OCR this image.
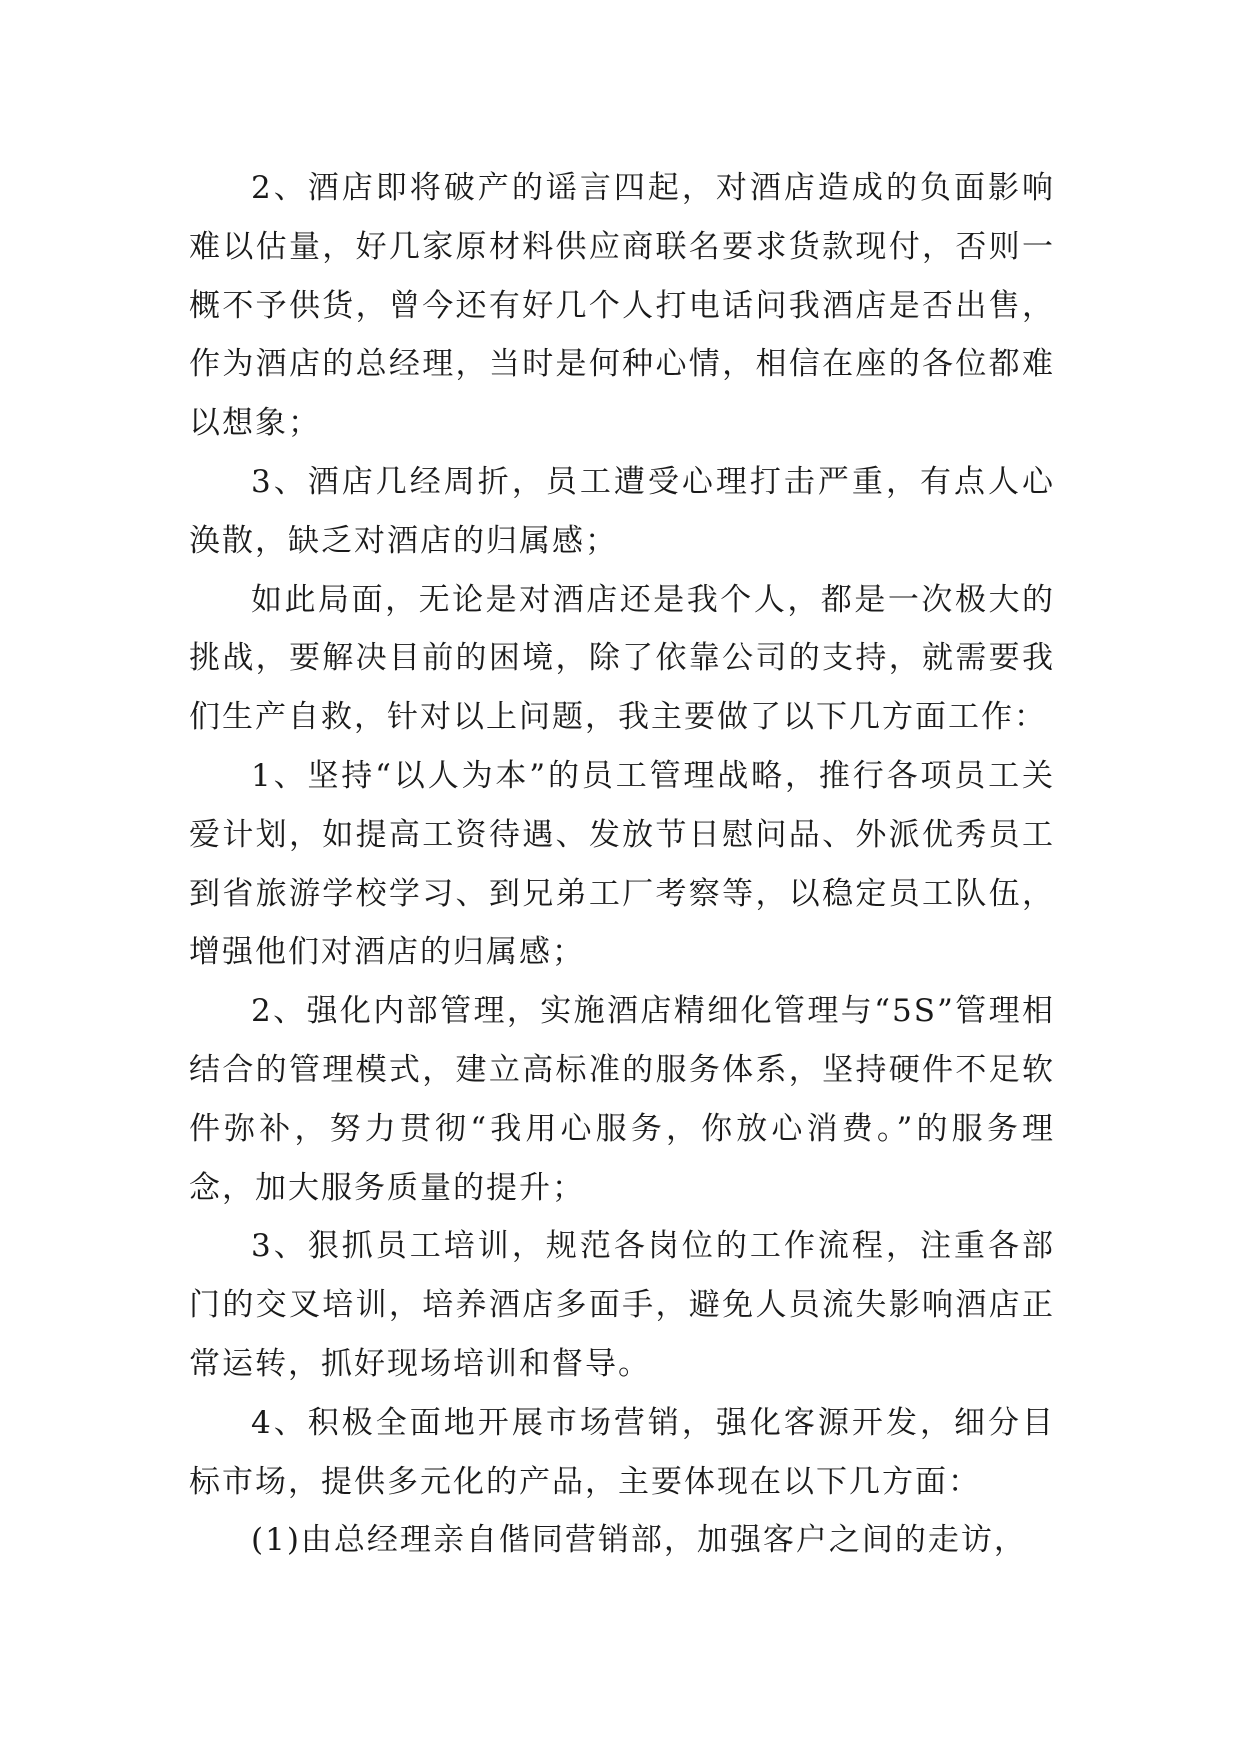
2、酒店即将破产的谣言四起，对酒店造成的负面影响难以估量，好几家原材料供应商联名要求货款现付，否则一概不予供货，曾今还有好几个人打电话问我酒店是否出售，作为酒店的总经理，当时是何种心情，相信在座的各位都难以想象；

3、酒店几经周折，员工遭受心理打击严重，有点人心涣散，缺乏对酒店的归属感；

如此局面，无论是对酒店还是我个人，都是一次极大的挑战，要解决目前的困境，除了依靠公司的支持，就需要我们生产自救，针对以上问题，我主要做了以下几方面工作：

1、坚持“以人为本”的员工管理战略，推行各项员工关爱计划，如提高工资待遇、发放节日慰问品、外派优秀员工到省旅游学校学习、到兄弟工厂考察等，以稳定员工队伍，增强他们对酒店的归属感；

2、强化内部管理，实施酒店精细化管理与“5S”管理相结合的管理模式，建立高标准的服务体系，坚持硬件不足软件弥补，努力贯彻“我用心服务，你放心消费。”的服务理念，加大服务质量的提升；

3、狠抓员工培训，规范各岗位的工作流程，注重各部门的交叉培训，培养酒店多面手，避免人员流失影响酒店正常运转，抓好现场培训和督导。

4、积极全面地开展市场营销，强化客源开发，细分目标市场，提供多元化的产品，主要体现在以下几方面：

(1)由总经理亲自偕同营销部，加强客户之间的走访，
